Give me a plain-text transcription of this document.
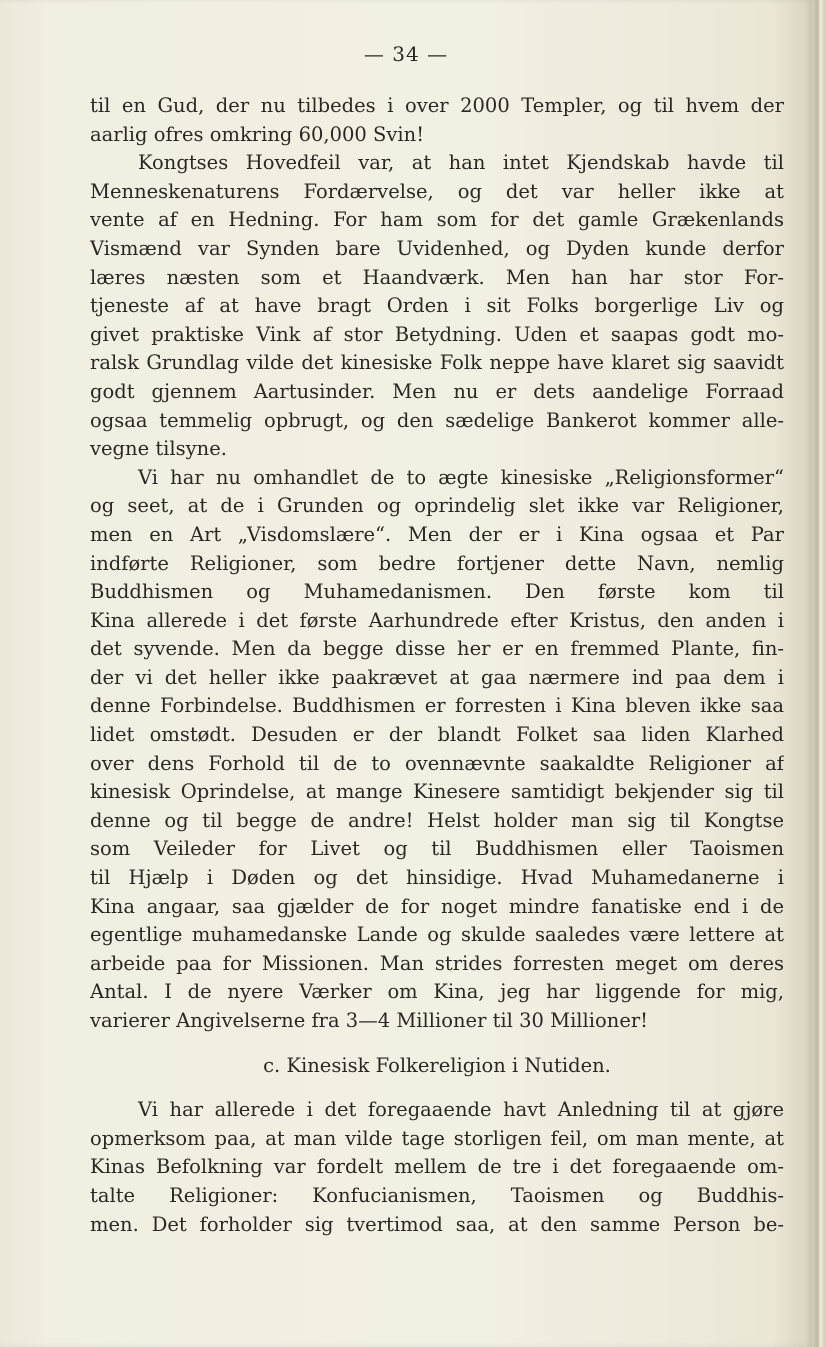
— 34 —
til en Gud, der nu tilbedes i over 2000 Templer, og til hvem der
aarlig ofres omkring 60,000 Svin!
Kongtses Hovedfeil var, at han intet Kjendskab havde til
Menneskenaturens Fordærvelse, og det var heller ikke at
vente af en Hedning. For ham som for det gamle Grækenlands
Vismænd var Synden bare Uvidenhed, og Dyden kunde derfor
læres næsten som et Haandværk. Men han har stor For-
tjeneste af at have bragt Orden i sit Folks borgerlige Liv og
givet praktiske Vink af stor Betydning. Uden et saapas godt mo-
ralsk Grundlag vilde det kinesiske Folk neppe have klaret sig saavidt
godt gjennem Aartusinder. Men nu er dets aandelige Forraad
ogsaa temmelig opbrugt, og den sædelige Bankerot kommer alle-
vegne tilsyne.
Vi har nu omhandlet de to ægte kinesiske „Religionsformer“
og seet, at de i Grunden og oprindelig slet ikke var Religioner,
men en Art „Visdomslære“. Men der er i Kina ogsaa et Par
indførte Religioner, som bedre fortjener dette Navn, nemlig
Buddhismen og Muhamedanismen. Den første kom til
Kina allerede i det første Aarhundrede efter Kristus, den anden i
det syvende. Men da begge disse her er en fremmed Plante, fin-
der vi det heller ikke paakrævet at gaa nærmere ind paa dem i
denne Forbindelse. Buddhismen er forresten i Kina bleven ikke saa
lidet omstødt. Desuden er der blandt Folket saa liden Klarhed
over dens Forhold til de to ovennævnte saakaldte Religioner af
kinesisk Oprindelse, at mange Kinesere samtidigt bekjender sig til
denne og til begge de andre! Helst holder man sig til Kongtse
som Veileder for Livet og til Buddhismen eller Taoismen
til Hjælp i Døden og det hinsidige. Hvad Muhamedanerne i
Kina angaar, saa gjælder de for noget mindre fanatiske end i de
egentlige muhamedanske Lande og skulde saaledes være lettere at
arbeide paa for Missionen. Man strides forresten meget om deres
Antal. I de nyere Værker om Kina, jeg har liggende for mig,
varierer Angivelserne fra 3—4 Millioner til 30 Millioner!
c. Kinesisk Folkereligion i Nutiden.
Vi har allerede i det foregaaende havt Anledning til at gjøre
opmerksom paa, at man vilde tage storligen feil, om man mente, at
Kinas Befolkning var fordelt mellem de tre i det foregaaende om-
talte Religioner: Konfucianismen, Taoismen og Buddhis-
men. Det forholder sig tvertimod saa, at den samme Person be-
